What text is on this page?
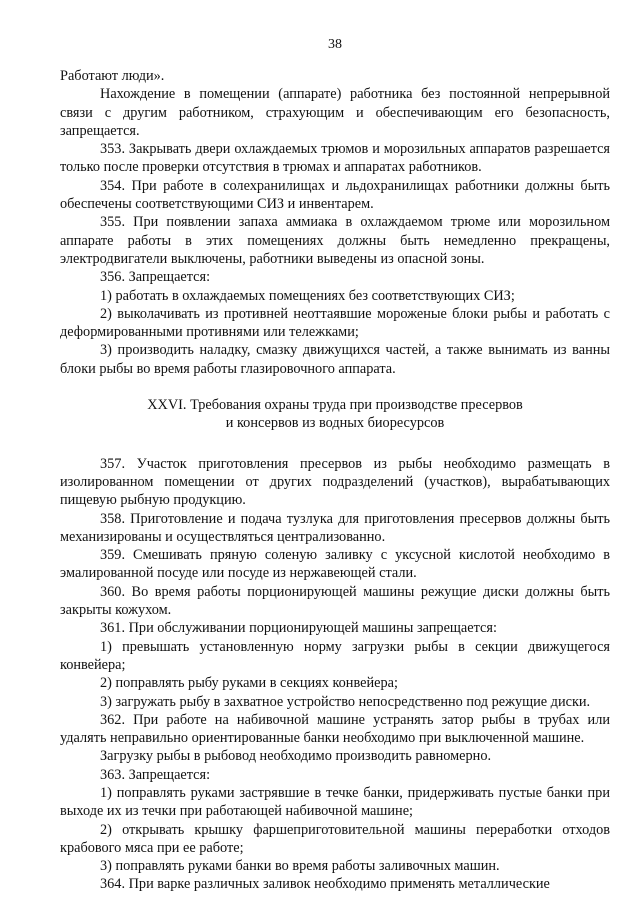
38

Работают люди».

Нахождение в помещении (аппарате) работника без постоянной непрерывной связи с другим работником, страхующим и обеспечивающим его безопасность, запрещается.

353. Закрывать двери охлаждаемых трюмов и морозильных аппаратов разрешается только после проверки отсутствия в трюмах и аппаратах работников.

354. При работе в солехранилищах и льдохранилищах работники должны быть обеспечены соответствующими СИЗ и инвентарем.

355. При появлении запаха аммиака в охлаждаемом трюме или морозильном аппарате работы в этих помещениях должны быть немедленно прекращены, электродвигатели выключены, работники выведены из опасной зоны.

356. Запрещается:

1) работать в охлаждаемых помещениях без соответствующих СИЗ;

2) выколачивать из противней неоттаявшие мороженые блоки рыбы и работать с деформированными противнями или тележками;

3) производить наладку, смазку движущихся частей, а также вынимать из ванны блоки рыбы во время работы глазировочного аппарата.

XXVI. Требования охраны труда при производстве пресервов
и консервов из водных биоресурсов

357. Участок приготовления пресервов из рыбы необходимо размещать в изолированном помещении от других подразделений (участков), вырабатывающих пищевую рыбную продукцию.

358. Приготовление и подача тузлука для приготовления пресервов должны быть механизированы и осуществляться централизованно.

359. Смешивать пряную соленую заливку с уксусной кислотой необходимо в эмалированной посуде или посуде из нержавеющей стали.

360. Во время работы порционирующей машины режущие диски должны быть закрыты кожухом.

361. При обслуживании порционирующей машины запрещается:

1) превышать установленную норму загрузки рыбы в секции движущегося конвейера;

2) поправлять рыбу руками в секциях конвейера;

3) загружать рыбу в захватное устройство непосредственно под режущие диски.

362. При работе на набивочной машине устранять затор рыбы в трубах или удалять неправильно ориентированные банки необходимо при выключенной машине.

Загрузку рыбы в рыбовод необходимо производить равномерно.

363. Запрещается:

1) поправлять руками застрявшие в течке банки, придерживать пустые банки при выходе их из течки при работающей набивочной машине;

2) открывать крышку фаршеприготовительной машины переработки отходов крабового мяса при ее работе;

3) поправлять руками банки во время работы заливочных машин.

364. При варке различных заливок необходимо применять металлические
